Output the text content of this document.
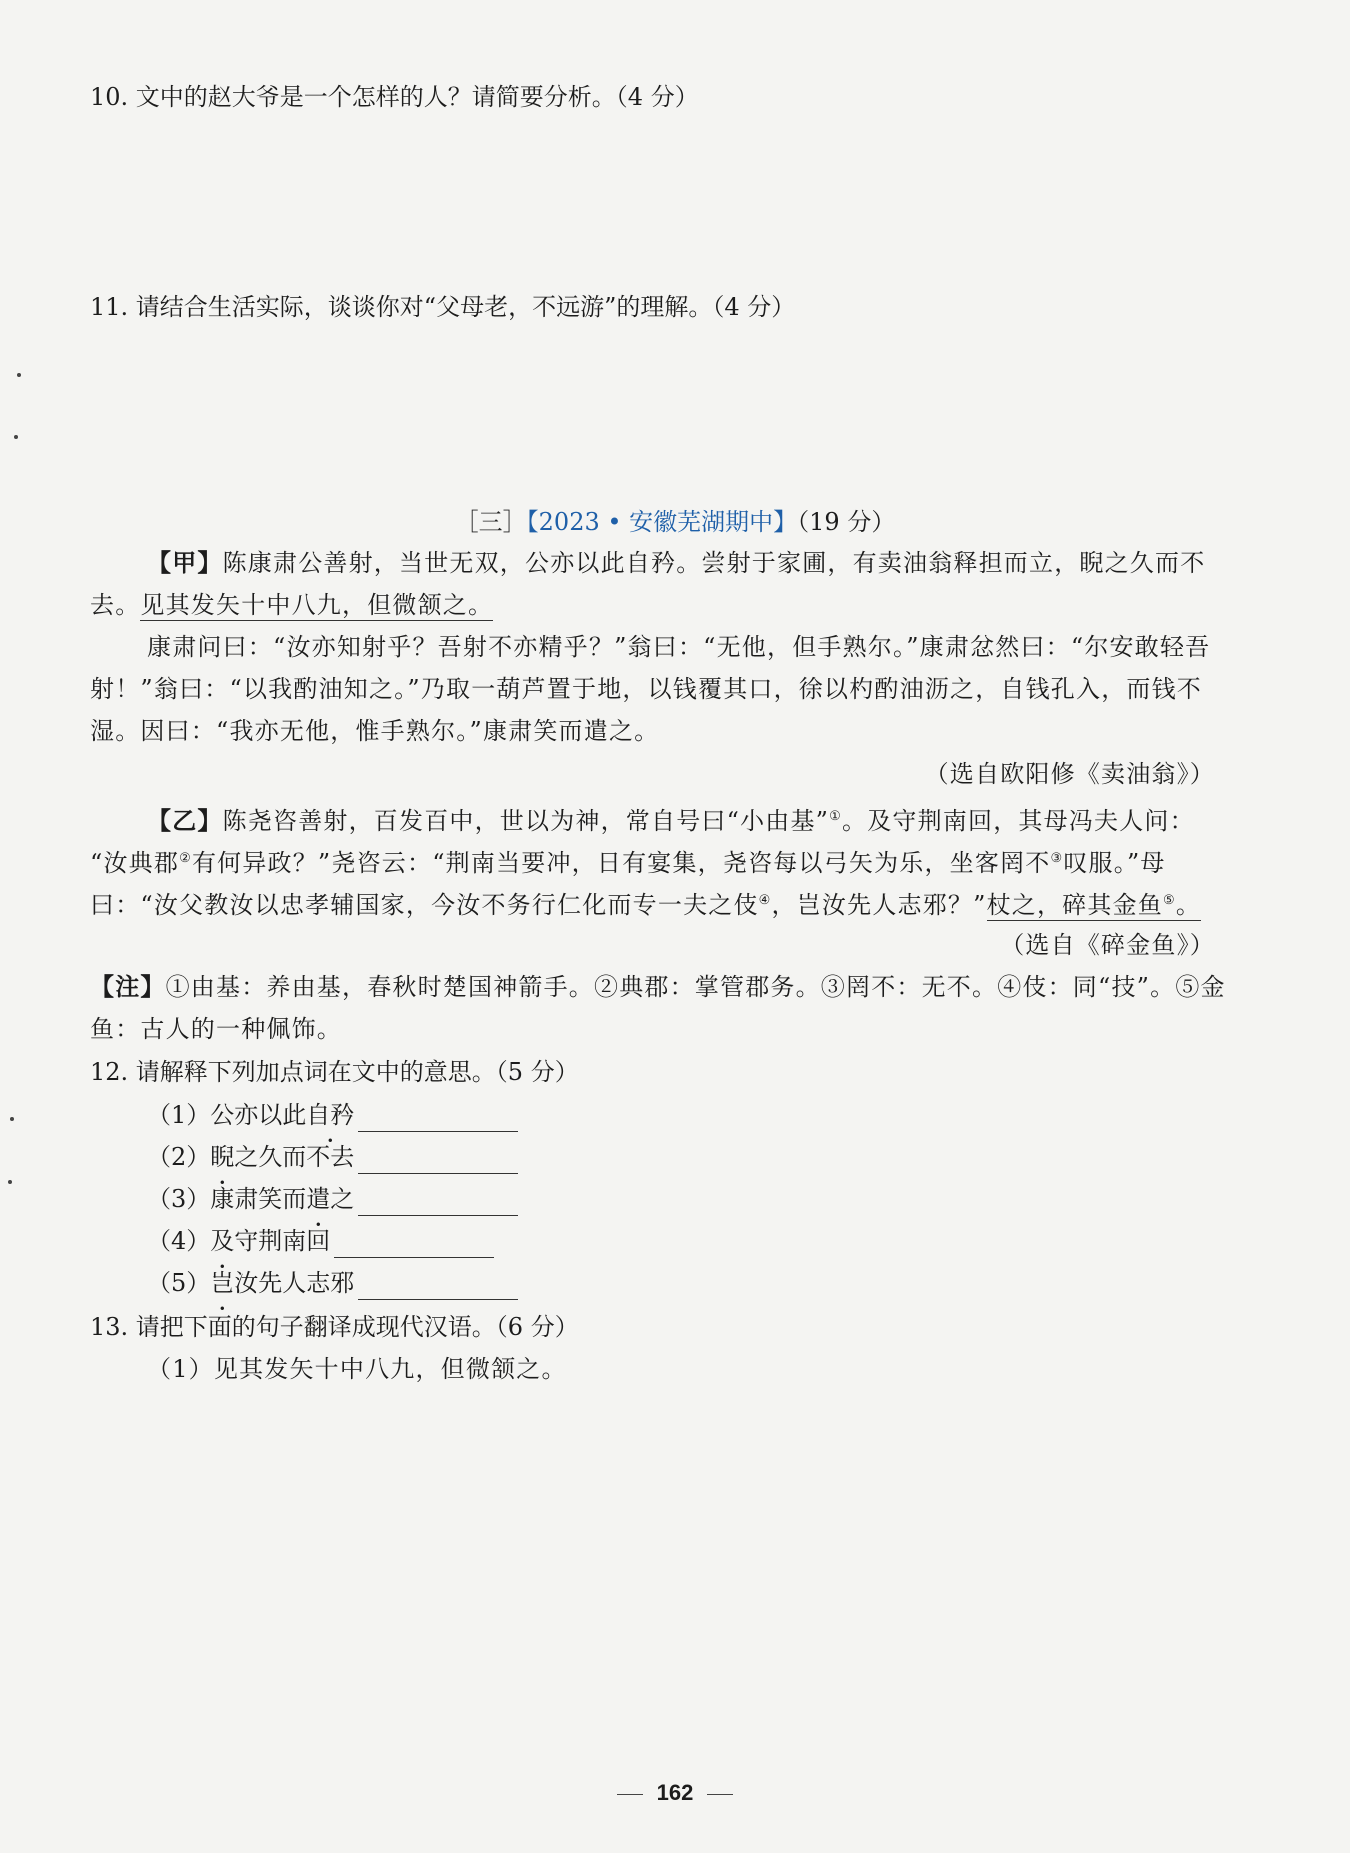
10. 文中的赵大爷是一个怎样的人？请简要分析。（4 分）
11. 请结合生活实际，谈谈你对“父母老，不远游”的理解。（4 分）
［三］【2023 • 安徽芜湖期中】（19 分）
【甲】陈康肃公善射，当世无双，公亦以此自矜。尝射于家圃，有卖油翁释担而立，睨之久而不
去。见其发矢十中八九，但微颔之。
康肃问曰：“汝亦知射乎？吾射不亦精乎？”翁曰：“无他，但手熟尔。”康肃忿然曰：“尔安敢轻吾
射！”翁曰：“以我酌油知之。”乃取一葫芦置于地，以钱覆其口，徐以杓酌油沥之，自钱孔入，而钱不
湿。因曰：“我亦无他，惟手熟尔。”康肃笑而遣之。
（选自欧阳修《卖油翁》）
【乙】陈尧咨善射，百发百中，世以为神，常自号曰“小由基”①。及守荆南回，其母冯夫人问：
“汝典郡②有何异政？”尧咨云：“荆南当要冲，日有宴集，尧咨每以弓矢为乐，坐客罔不③叹服。”母
曰：“汝父教汝以忠孝辅国家，今汝不务行仁化而专一夫之伎④，岂汝先人志邪？”杖之，碎其金鱼⑤。
（选自《碎金鱼》）
【注】①由基：养由基，春秋时楚国神箭手。②典郡：掌管郡务。③罔不：无不。④伎：同“技”。⑤金
鱼：古人的一种佩饰。
12. 请解释下列加点词在文中的意思。（5 分）
（1）公亦以此自矜
（2）睨之久而不去
（3）康肃笑而遣之
（4）及守荆南回
（5）岂汝先人志邪
13. 请把下面的句子翻译成现代汉语。（6 分）
（1）见其发矢十中八九，但微颔之。
162
